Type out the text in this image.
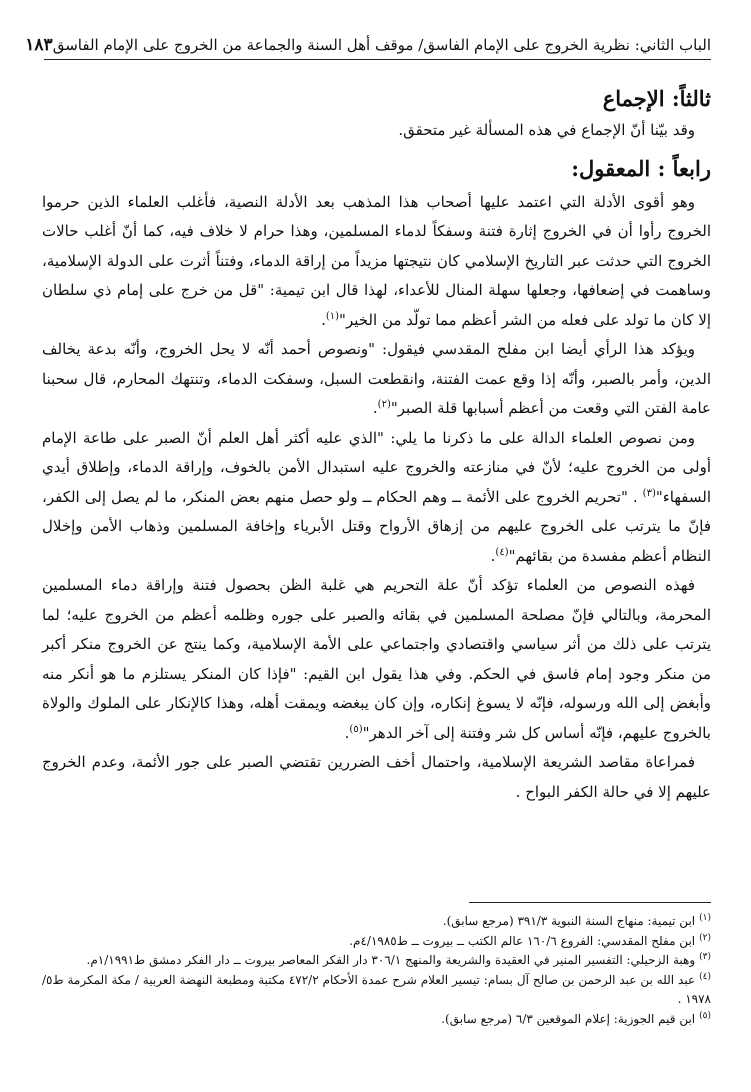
الباب الثاني: نظرية الخروج على الإمام الفاسق/ موقف أهل السنة والجماعة من الخروج على الإمام الفاسق
١٨٣
ثالثاً: الإجماع

وقد بيّنا أنّ الإجماع في هذه المسألة غير متحقق.

رابعاً : المعقول:

وهو أقوى الأدلة التي اعتمد عليها أصحاب هذا المذهب بعد الأدلة النصية، فأغلب العلماء الذين حرموا الخروج رأوا أن في الخروج إثارة فتنة وسفكاً لدماء المسلمين، وهذا حرام لا خلاف فيه، كما أنّ أغلب حالات الخروج التي حدثت عبر التاريخ الإسلامي كان نتيجتها مزيداً من إراقة الدماء، وفتناً أثرت على الدولة الإسلامية، وساهمت في إضعافها، وجعلها سهلة المنال للأعداء، لهذا قال ابن تيمية: "قل من خرج على إمام ذي سلطان إلا كان ما تولد على فعله من الشر أعظم مما تولّد من الخير"$^{(١)}$.

ويؤكد هذا الرأي أيضا ابن مفلح المقدسي فيقول: "ونصوص أحمد أنّه لا يحل الخروج، وأنّه بدعة يخالف الدين، وأمر بالصبر، وأنّه إذا وقع عمت الفتنة، وانقطعت السبل، وسفكت الدماء، وتنتهك المحارم، قال سحبنا عامة الفتن التي وقعت من أعظم أسبابها قلة الصبر"$^{(٢)}$.

ومن نصوص العلماء الدالة على ما ذكرنا ما يلي: "الذي عليه أكثر أهل العلم أنّ الصبر على طاعة الإمام أولى من الخروج عليه؛ لأنّ في منازعته والخروج عليه استبدال الأمن بالخوف، وإراقة الدماء، وإطلاق أيدي السفهاء"$^{(٣)}$ . "تحريم الخروج على الأئمة ــ وهم الحكام ــ ولو حصل منهم بعض المنكر، ما لم يصل إلى الكفر، فإنّ ما يترتب على الخروج عليهم من إزهاق الأرواح وقتل الأبرياء وإخافة المسلمين وذهاب الأمن وإخلال النظام أعظم مفسدة من بقائهم"$^{(٤)}$.

فهذه النصوص من العلماء تؤكد أنّ علة التحريم هي غلبة الظن بحصول فتنة وإراقة دماء المسلمين المحرمة، وبالتالي فإنّ مصلحة المسلمين في بقائه والصبر على جوره وظلمه أعظم من الخروج عليه؛ لما يترتب على ذلك من أثر سياسي واقتصادي واجتماعي على الأمة الإسلامية، وكما ينتج عن الخروج منكر أكبر من منكر وجود إمام فاسق في الحكم. وفي هذا يقول ابن القيم: "فإذا كان المنكر يستلزم ما هو أنكر منه وأبغض إلى الله ورسوله، فإنّه لا يسوغ إنكاره، وإن كان يبغضه ويمقت أهله، وهذا كالإنكار على الملوك والولاة بالخروج عليهم، فإنّه أساس كل شر وفتنة إلى آخر الدهر"$^{(٥)}$.

فمراعاة مقاصد الشريعة الإسلامية، واحتمال أخف الضررين تقتضي الصبر على جور الأئمة، وعدم الخروج عليهم إلا في حالة الكفر البواح .

$^{(١)}$ابن تيمية: منهاج السنة النبوية ٣٩١/٣ (مرجع سابق).

$^{(٢)}$ابن مفلح المقدسي: الفروع ١٦٠/٦ عالم الكتب ــ بيروت ــ ط٤/١٩٨٥م.

$^{(٣)}$وهبة الزحيلي: التفسير المنير في العقيدة والشريعة والمنهج ٣٠٦/١ دار الفكر المعاصر بيروت ــ دار الفكر دمشق ط١/١٩٩١م.

$^{(٤)}$عبد الله بن عبد الرحمن بن صالح آل بسام: تيسير العلام شرح عمدة الأحكام ٤٧٢/٢ مكتبة ومطبعة النهضة العربية / مكة المكرمة ط٥/ ١٩٧٨ .

$^{(٥)}$ابن قيم الجوزية: إعلام الموقعين ٦/٣ (مرجع سابق).
